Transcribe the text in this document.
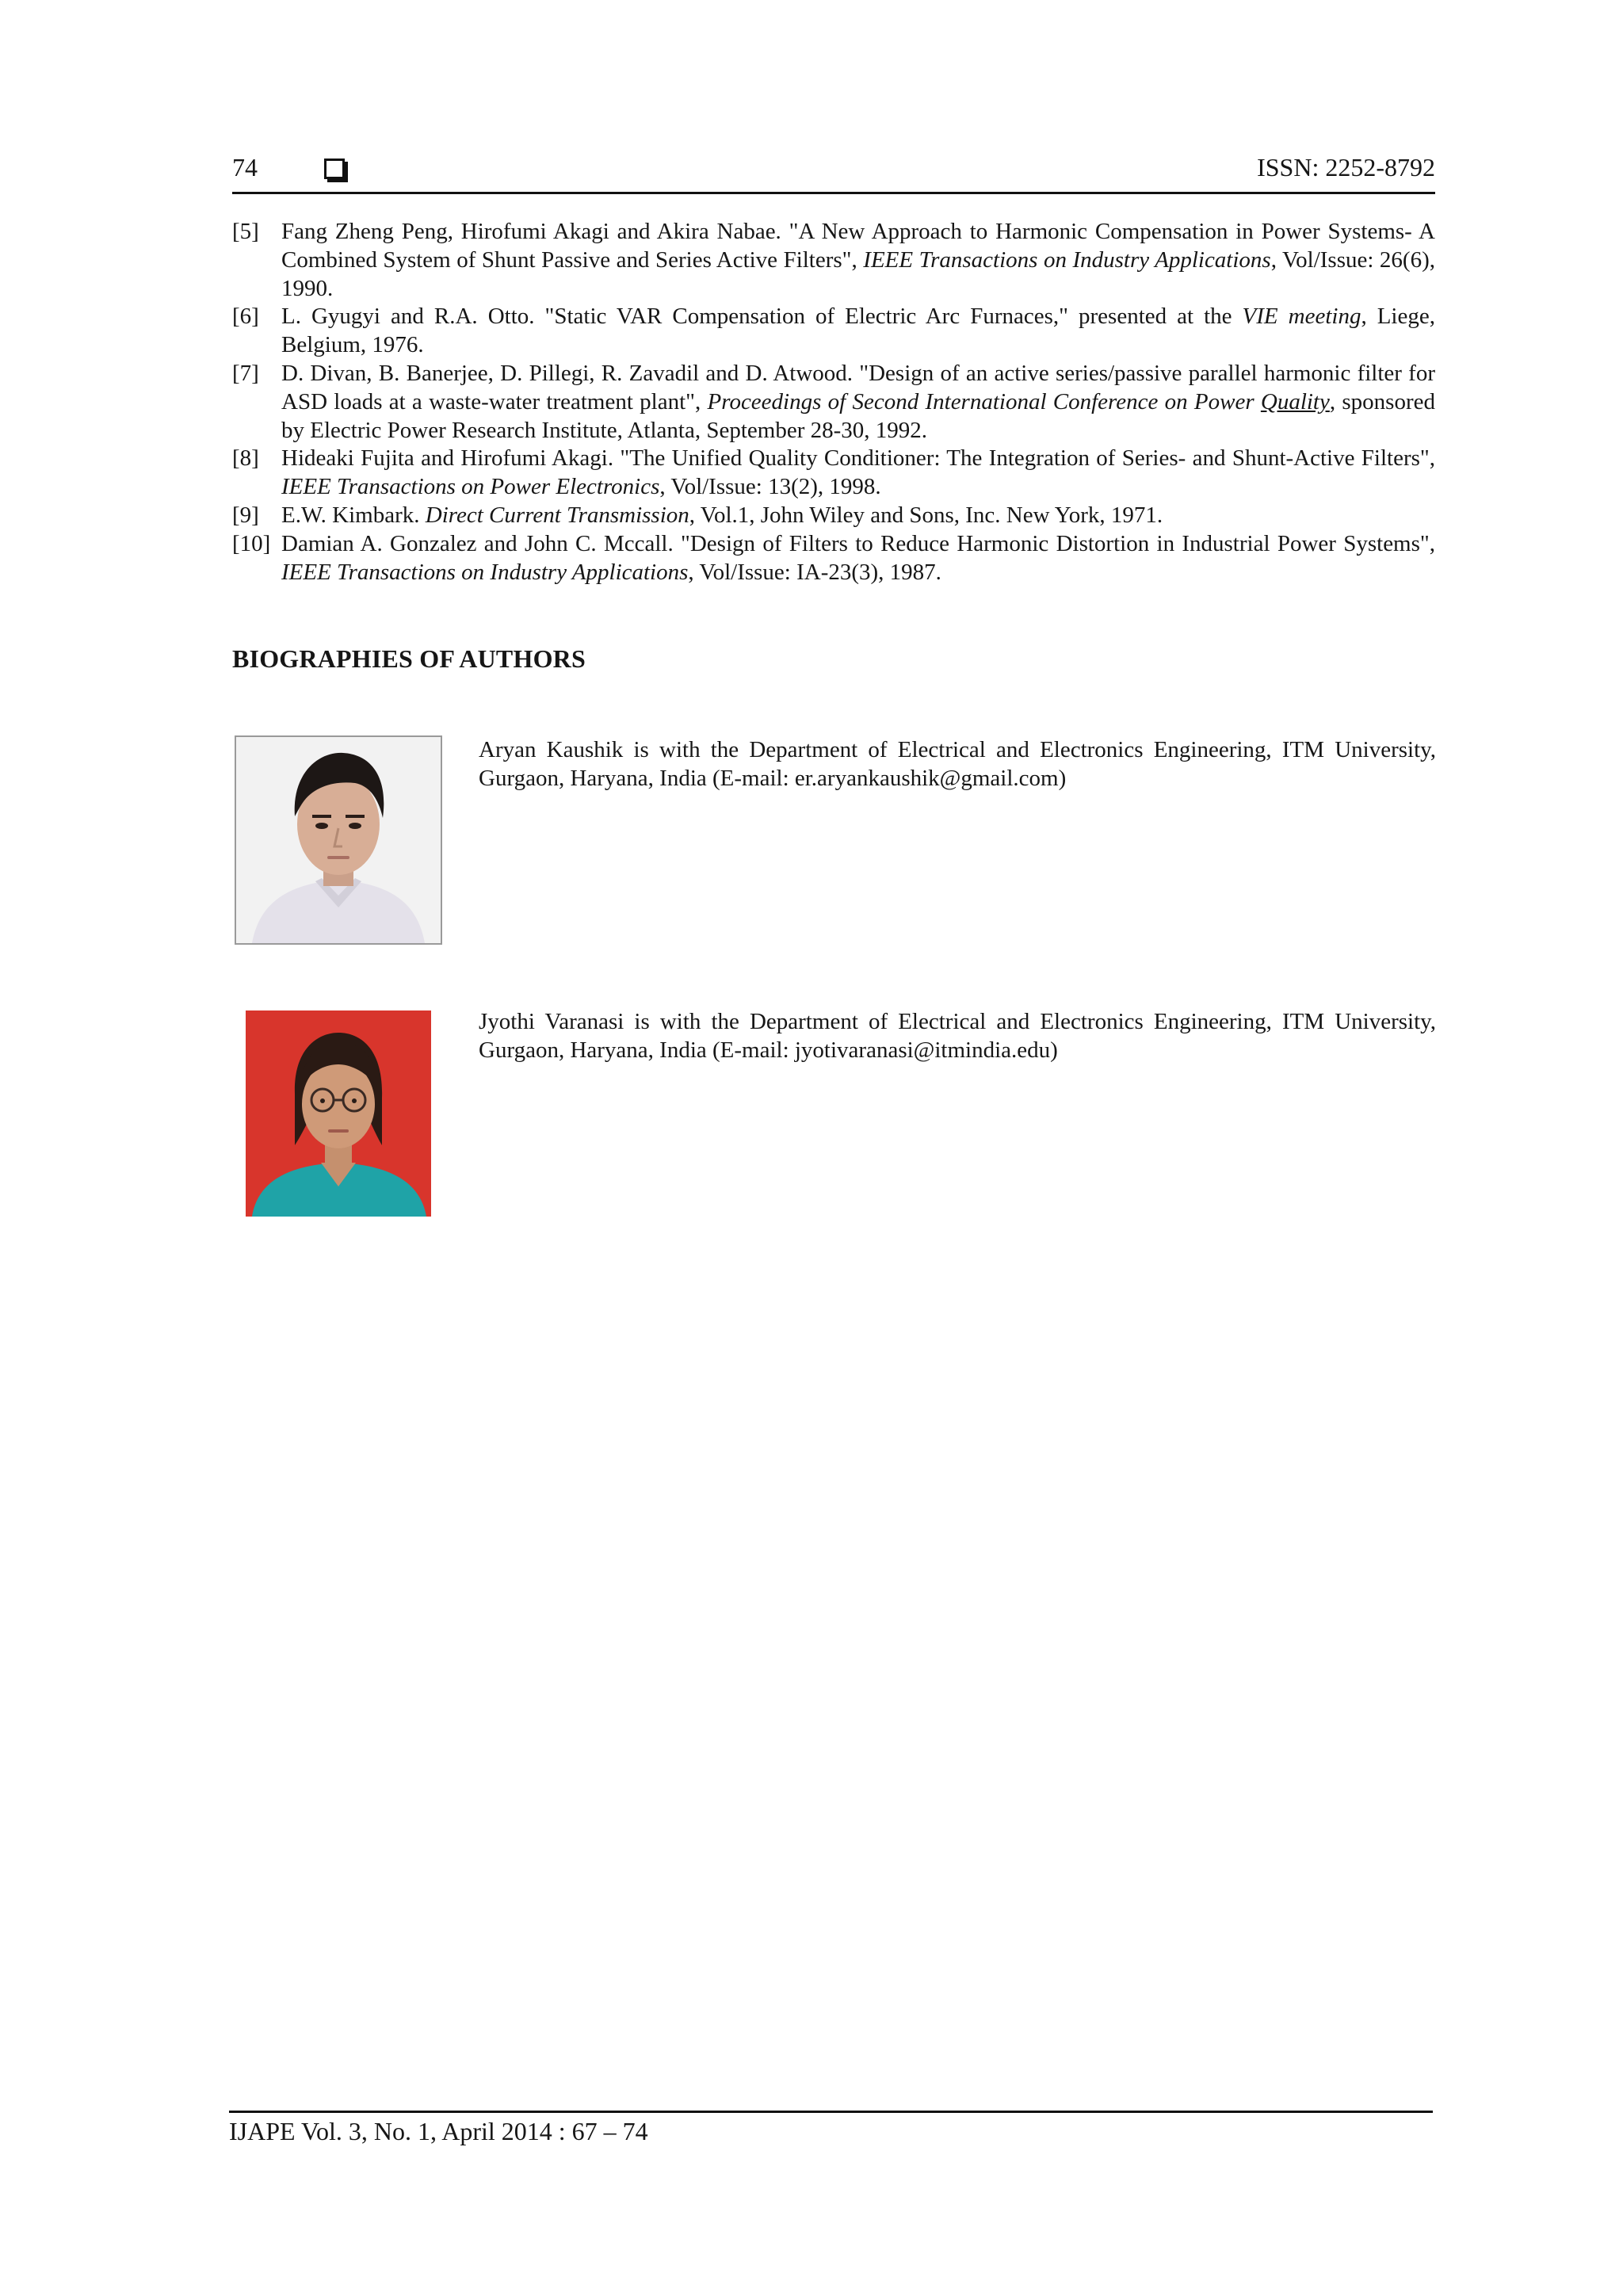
74	ISSN: 2252-8792
[5] Fang Zheng Peng, Hirofumi Akagi and Akira Nabae. "A New Approach to Harmonic Compensation in Power Systems- A Combined System of Shunt Passive and Series Active Filters", IEEE Transactions on Industry Applications, Vol/Issue: 26(6), 1990.
[6] L. Gyugyi and R.A. Otto. "Static VAR Compensation of Electric Arc Furnaces," presented at the VIE meeting, Liege, Belgium, 1976.
[7] D. Divan, B. Banerjee, D. Pillegi, R. Zavadil and D. Atwood. "Design of an active series/passive parallel harmonic filter for ASD loads at a waste-water treatment plant", Proceedings of Second International Conference on Power Quality, sponsored by Electric Power Research Institute, Atlanta, September 28-30, 1992.
[8] Hideaki Fujita and Hirofumi Akagi. "The Unified Quality Conditioner: The Integration of Series- and Shunt-Active Filters", IEEE Transactions on Power Electronics, Vol/Issue: 13(2), 1998.
[9] E.W. Kimbark. Direct Current Transmission, Vol.1, John Wiley and Sons, Inc. New York, 1971.
[10] Damian A. Gonzalez and John C. Mccall. "Design of Filters to Reduce Harmonic Distortion in Industrial Power Systems", IEEE Transactions on Industry Applications, Vol/Issue: IA-23(3), 1987.
BIOGRAPHIES OF AUTHORS
Aryan Kaushik is with the Department of Electrical and Electronics Engineering, ITM University, Gurgaon, Haryana, India (E-mail: er.aryankaushik@gmail.com)
Jyothi Varanasi is with the Department of Electrical and Electronics Engineering, ITM University, Gurgaon, Haryana, India (E-mail: jyotivaranasi@itmindia.edu)
IJAPE Vol. 3, No. 1, April 2014 : 67 – 74
